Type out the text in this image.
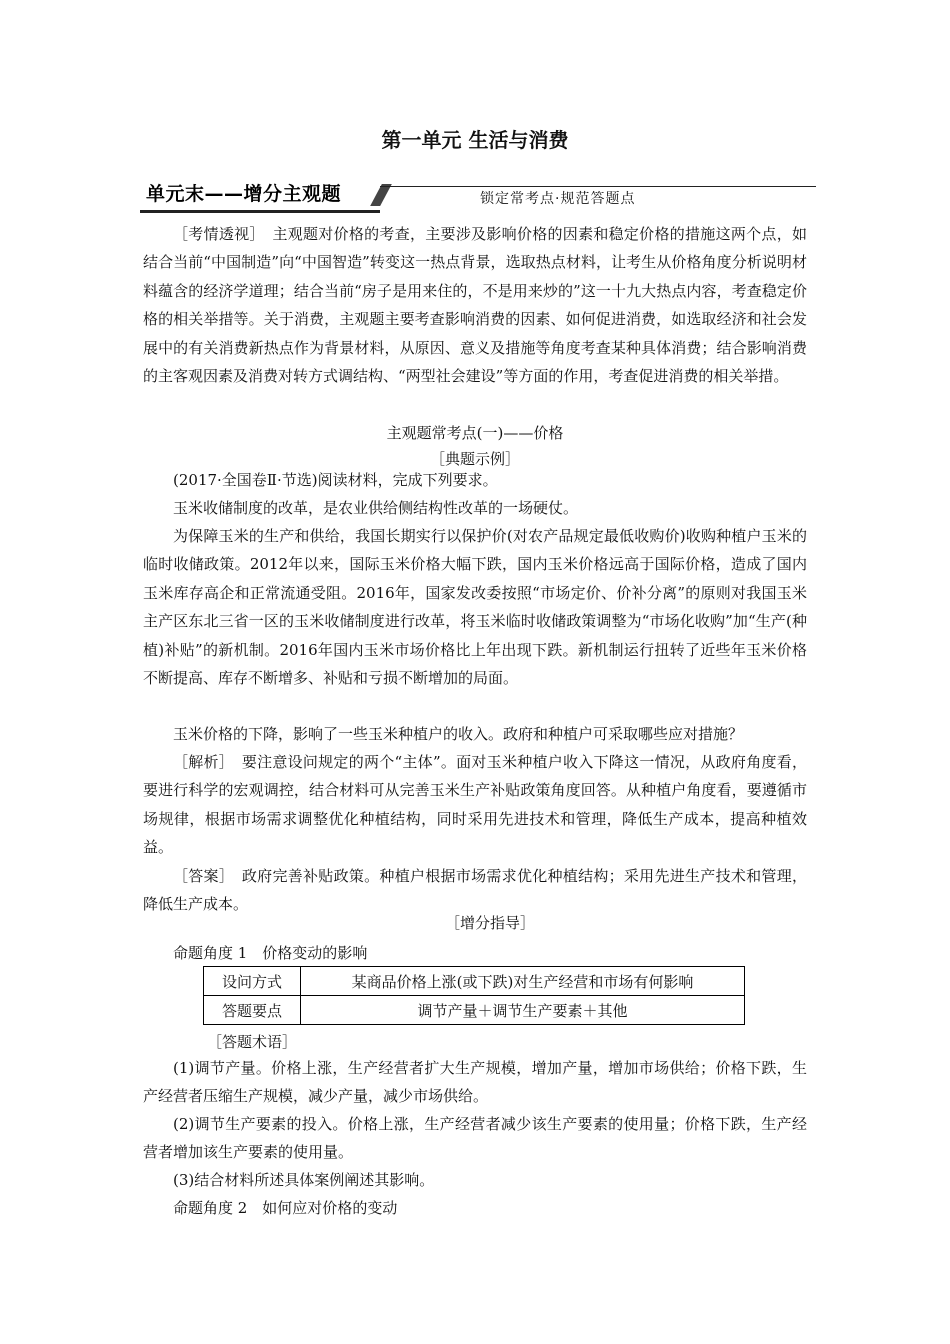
第一单元 生活与消费
单元末——增分主观题	锁定常考点·规范答题点

［考情透视］　主观题对价格的考查，主要涉及影响价格的因素和稳定价格的措施这两个点，如结合当前“中国制造”向“中国智造”转变这一热点背景，选取热点材料，让考生从价格角度分析说明材料蕴含的经济学道理；结合当前“房子是用来住的，不是用来炒的”这一十九大热点内容，考查稳定价格的相关举措等。关于消费，主观题主要考查影响消费的因素、如何促进消费，如选取经济和社会发展中的有关消费新热点作为背景材料，从原因、意义及措施等角度考查某种具体消费；结合影响消费的主客观因素及消费对转方式调结构、“两型社会建设”等方面的作用，考查促进消费的相关举措。

主观题常考点(一)——价格
［典题示例］

(2017·全国卷Ⅱ·节选)阅读材料，完成下列要求。

玉米收储制度的改革，是农业供给侧结构性改革的一场硬仗。

为保障玉米的生产和供给，我国长期实行以保护价(对农产品规定最低收购价)收购种植户玉米的临时收储政策。2012年以来，国际玉米价格大幅下跌，国内玉米价格远高于国际价格，造成了国内玉米库存高企和正常流通受阻。2016年，国家发改委按照“市场定价、价补分离”的原则对我国玉米主产区东北三省一区的玉米收储制度进行改革，将玉米临时收储政策调整为“市场化收购”加“生产(种植)补贴”的新机制。2016年国内玉米市场价格比上年出现下跌。新机制运行扭转了近些年玉米价格不断提高、库存不断增多、补贴和亏损不断增加的局面。

玉米价格的下降，影响了一些玉米种植户的收入。政府和种植户可采取哪些应对措施？

［解析］　要注意设问规定的两个“主体”。面对玉米种植户收入下降这一情况，从政府角度看，要进行科学的宏观调控，结合材料可从完善玉米生产补贴政策角度回答。从种植户角度看，要遵循市场规律，根据市场需求调整优化种植结构，同时采用先进技术和管理，降低生产成本，提高种植效益。

［答案］　政府完善补贴政策。种植户根据市场需求优化种植结构；采用先进生产技术和管理，降低生产成本。

［增分指导］
命题角度 1　价格变动的影响
设问方式	某商品价格上涨(或下跌)对生产经营和市场有何影响
答题要点	调节产量＋调节生产要素＋其他
［答题术语］

(1)调节产量。价格上涨，生产经营者扩大生产规模，增加产量，增加市场供给；价格下跌，生产经营者压缩生产规模，减少产量，减少市场供给。

(2)调节生产要素的投入。价格上涨，生产经营者减少该生产要素的使用量；价格下跌，生产经营者增加该生产要素的使用量。

(3)结合材料所述具体案例阐述其影响。

命题角度 2　如何应对价格的变动
